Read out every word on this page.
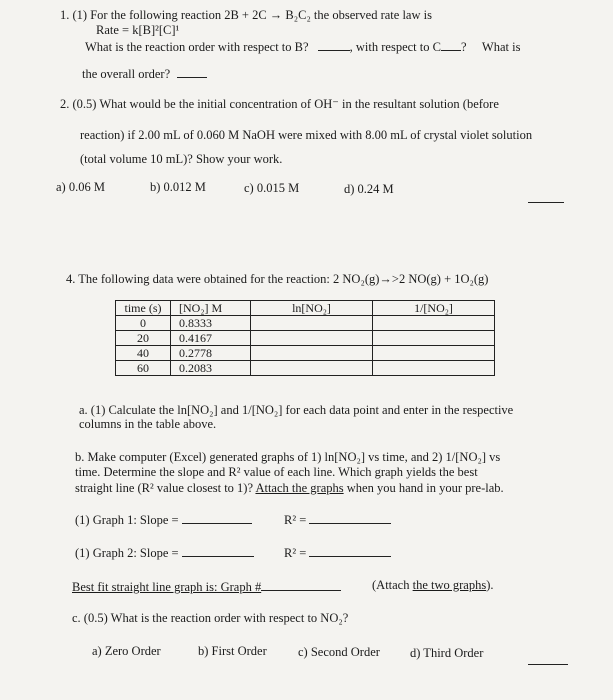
1. (1) For the following reaction 2B + 2C → B₂C₂ the observed rate law is
Rate = k[B]²[C]¹
What is the reaction order with respect to B?	, with respect to C ?     What is
the overall order?
2. (0.5) What would be the initial concentration of OH⁻ in the resultant solution (before
reaction) if 2.00 mL of 0.060 M NaOH were mixed with 8.00 mL of crystal violet solution
(total volume 10 mL)? Show your work.
a) 0.06 M	b) 0.012 M	c) 0.015 M	d) 0.24 M
4. The following data were obtained for the reaction: 2 NO₂(g)→>2 NO(g) + 1O₂(g)
time (s)	[NO₂] M	ln[NO₂]	1/[NO₂]
0	0.8333		
20	0.4167		
40	0.2778		
60	0.2083		
a. (1) Calculate the ln[NO₂] and 1/[NO₂] for each data point and enter in the respective
columns in the table above.
b. Make computer (Excel) generated graphs of 1) ln[NO₂] vs time, and 2) 1/[NO₂] vs
time. Determine the slope and R² value of each line. Which graph yields the best
straight line (R² value closest to 1)? Attach the graphs when you hand in your pre-lab.
(1) Graph 1: Slope =	R² =
(1) Graph 2: Slope =	R² =
Best fit straight line graph is: Graph #	(Attach the two graphs).
c. (0.5) What is the reaction order with respect to NO₂?
a) Zero Order	b) First Order	c) Second Order d) Third Order
